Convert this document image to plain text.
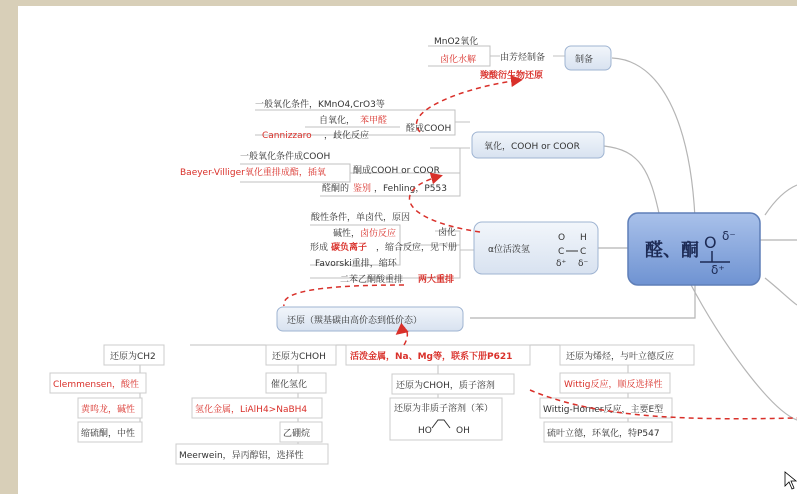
醛、酮 O δ⁻
δ⁺
制备
由芳烃制备
MnO2氧化
卤化水解
羧酸衍生物还原
氧化，COOH or COOR
醛成COOH
一般氧化条件，KMnO4,CrO3等
自氧化， 苯甲醛
Cannizzaro ，歧化反应
酮成COOH or COOR
一般氧化条件成COOH
Baeyer-Villiger氧化重排成酯，插氧
醛酮的 鉴别 ，Fehling，P553
α位活泼氢
O H
C C
δ⁺ δ⁻
卤化
酸性条件，单卤代，原因
碱性， 卤仿反应
形成 碳负离子 ，缩合反应，见下册
Favorski重排，缩环
二苯乙酮酸重排 两大重排
还原（羰基碳由高价态到低价态）
还原为CH2
Clemmensen，酸性
黄鸣龙，碱性
缩硫酮，中性
还原为CHOH
催化氢化
氢化金属，LiAlH4>NaBH4
乙硼烷
Meerwein，异丙醇铝，选择性
活泼金属，Na、Mg等，联系下册P621
还原为CHOH，质子溶剂
还原为非质子溶剂（苯）
HO	OH
还原为烯烃，与叶立德反应
Wittig反应，顺反选择性
Wittig-Horner反应，主要E型
硫叶立德，环氧化，特P547
